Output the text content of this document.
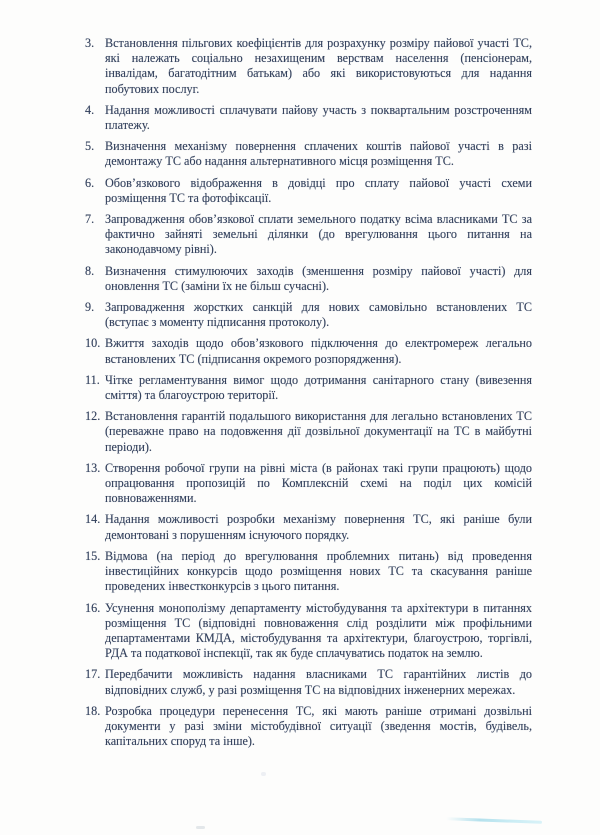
3. Встановлення пільгових коефіцієнтів для розрахунку розміру пайової участі ТС,
які належать соціально незахищеним верствам населення (пенсіонерам,
інвалідам, багатодітним батькам) або які використовуються для надання
побутових послуг.
4. Надання можливості сплачувати пайову участь з поквартальним розстроченням
платежу.
5. Визначення механізму повернення сплачених коштів пайової участі в разі
демонтажу ТС або надання альтернативного місця розміщення ТС.
6. Обов’язкового відображення в довідці про сплату пайової участі схеми
розміщення ТС та фотофіксації.
7. Запровадження обов’язкової сплати земельного податку всіма власниками ТС за
фактично зайняті земельні ділянки (до врегулювання цього питання на
законодавчому рівні).
8. Визначення стимулюючих заходів (зменшення розміру пайової участі) для
оновлення ТС (заміни їх не більш сучасні).
9. Запровадження жорстких санкцій для нових самовільно встановлених ТС
(вступає з моменту підписання протоколу).
10. Вжиття заходів щодо обов’язкового підключення до електромереж легально
встановлених ТС (підписання окремого розпорядження).
11. Чітке регламентування вимог щодо дотримання санітарного стану (вивезення
сміття) та благоустрою території.
12. Встановлення гарантій подальшого використання для легально встановлених ТС
(переважне право на подовження дії дозвільної документації на ТС в майбутні
періоди).
13. Створення робочої групи на рівні міста (в районах такі групи працюють) щодо
опрацювання пропозицій по Комплексній схемі на поділ цих комісій
повноваженнями.
14. Надання можливості розробки механізму повернення ТС, які раніше були
демонтовані з порушенням існуючого порядку.
15. Відмова (на період до врегулювання проблемних питань) від проведення
інвестиційних конкурсів щодо розміщення нових ТС та скасування раніше
проведених інвестконкурсів з цього питання.
16. Усунення монополізму департаменту містобудування та архітектури в питаннях
розміщення ТС (відповідні повноваження слід розділити між профільними
департаментами КМДА, містобудування та архітектури, благоустрою, торгівлі,
РДА та податкової інспекції, так як буде сплачуватись податок на землю.
17. Передбачити можливість надання власниками ТС гарантійних листів до
відповідних служб, у разі розміщення ТС на відповідних інженерних мережах.
18. Розробка процедури перенесення ТС, які мають раніше отримані дозвільні
документи у разі зміни містобудівної ситуації (зведення мостів, будівель,
капітальних споруд та інше).
